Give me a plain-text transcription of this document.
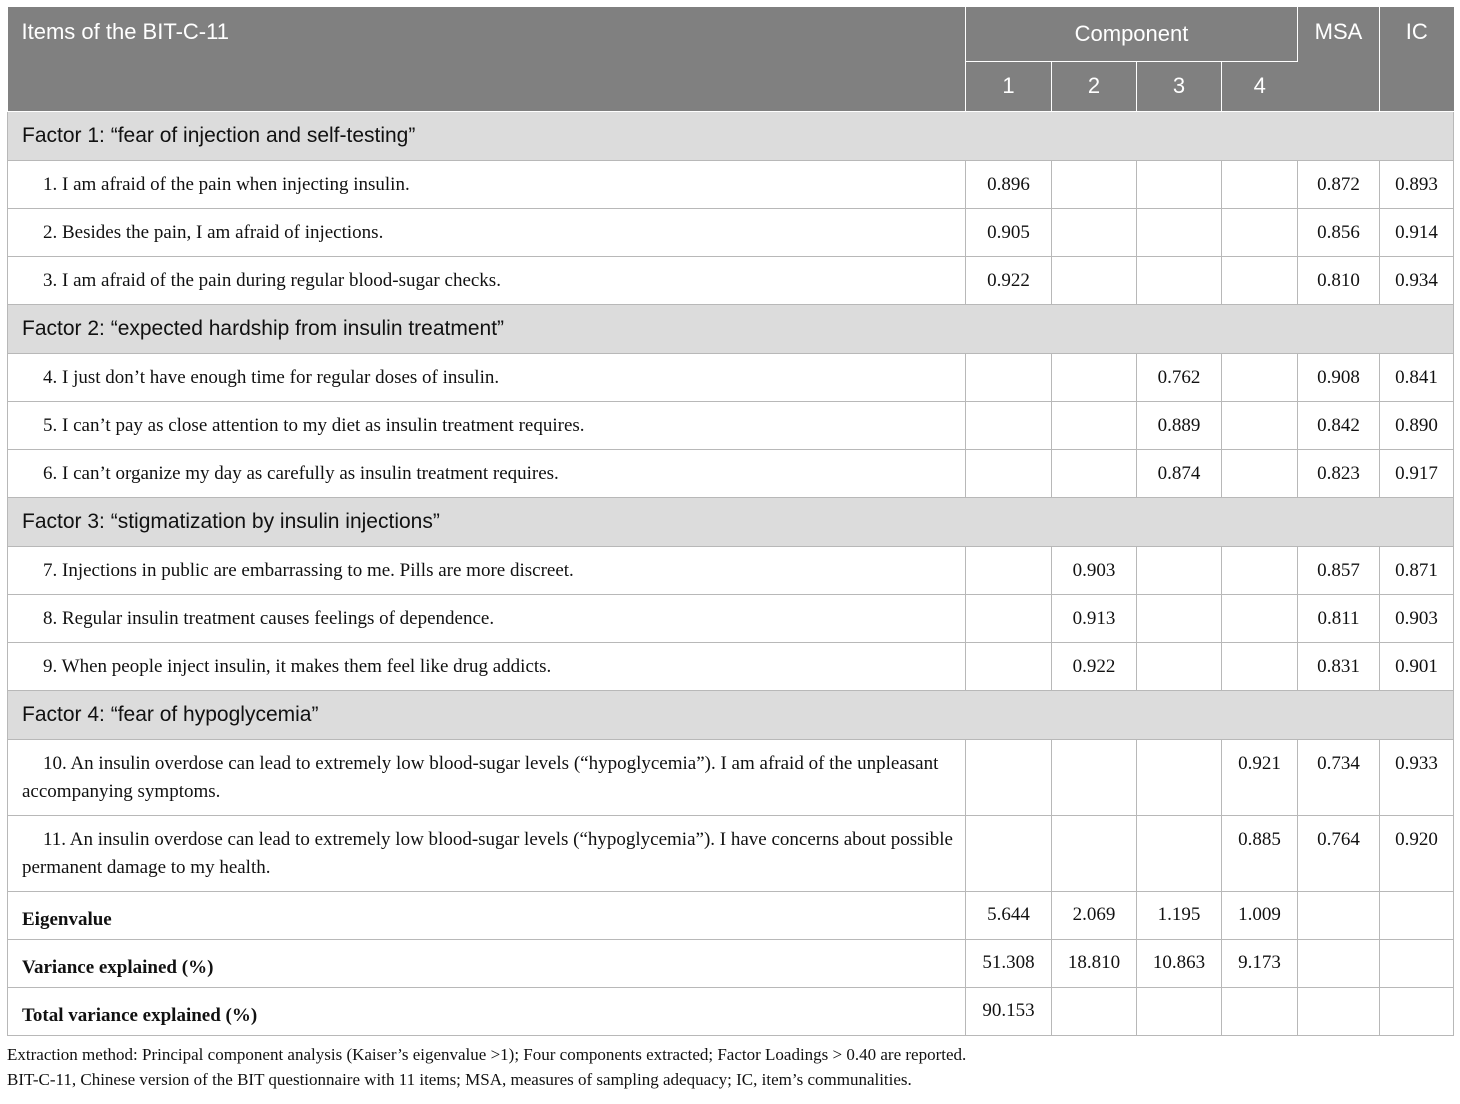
Items of the BIT-C-11	Component				MSA	IC
	1	2	3	4		
Factor 1: “fear of injection and self-testing”						
1. I am afraid of the pain when injecting insulin.	0.896				0.872	0.893
2. Besides the pain, I am afraid of injections.	0.905				0.856	0.914
3. I am afraid of the pain during regular blood-sugar checks.	0.922				0.810	0.934
Factor 2: “expected hardship from insulin treatment”						
4. I just don’t have enough time for regular doses of insulin.			0.762		0.908	0.841
5. I can’t pay as close attention to my diet as insulin treatment requires.			0.889		0.842	0.890
6. I can’t organize my day as carefully as insulin treatment requires.			0.874		0.823	0.917
Factor 3: “stigmatization by insulin injections”						
7. Injections in public are embarrassing to me. Pills are more discreet.		0.903			0.857	0.871
8. Regular insulin treatment causes feelings of dependence.		0.913			0.811	0.903
9. When people inject insulin, it makes them feel like drug addicts.		0.922			0.831	0.901
Factor 4: “fear of hypoglycemia”						
10. An insulin overdose can lead to extremely low blood-sugar levels (“hypoglycemia”). I am afraid of the unpleasant accompanying symptoms.				0.921	0.734	0.933
11. An insulin overdose can lead to extremely low blood-sugar levels (“hypoglycemia”). I have concerns about possible permanent damage to my health.				0.885	0.764	0.920
Eigenvalue	5.644	2.069	1.195	1.009		
Variance explained (%)	51.308	18.810	10.863	9.173		
Total variance explained (%)	90.153					
Extraction method: Principal component analysis (Kaiser’s eigenvalue >1); Four components extracted; Factor Loadings > 0.40 are reported.
BIT-C-11, Chinese version of the BIT questionnaire with 11 items; MSA, measures of sampling adequacy; IC, item’s communalities.
